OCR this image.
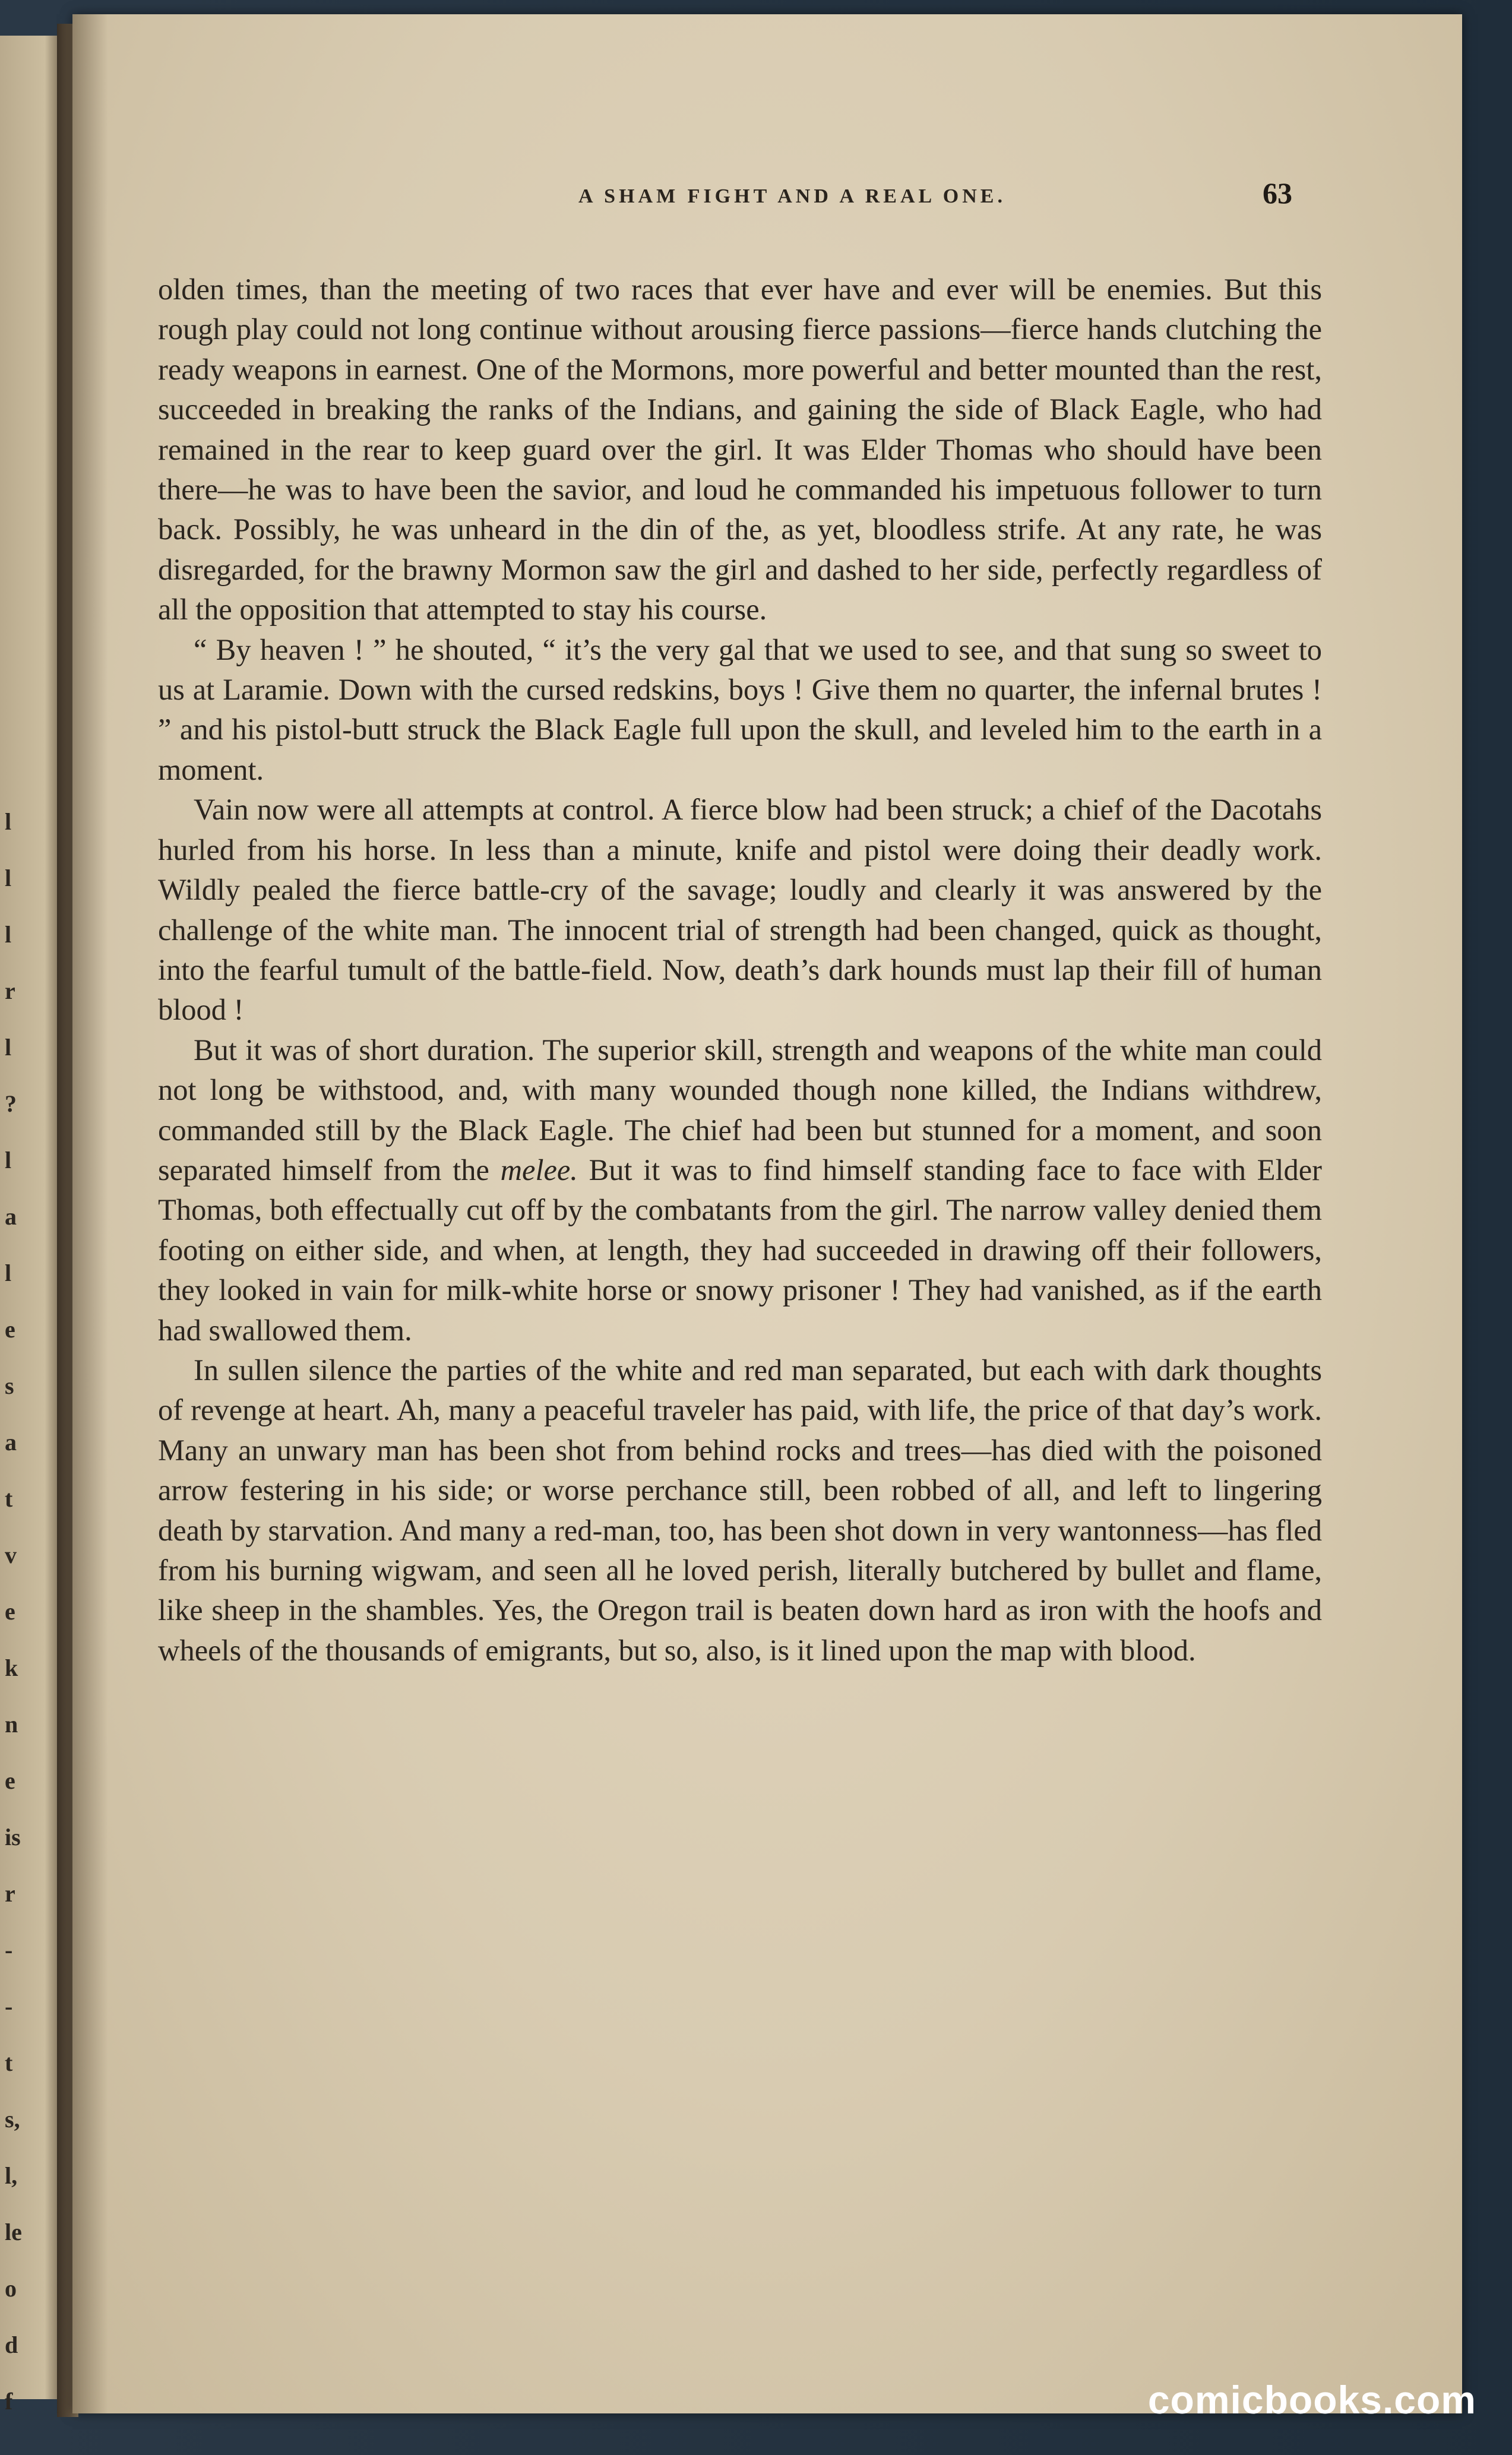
l
l
l
r
l
?
l
a
l
e
s
a
t
v
e
k
n
e
is
r
-
-
t
s,
l,
le
o
d
f
A SHAM FIGHT AND A REAL ONE.	63

olden times, than the meeting of two races that ever have and ever will be enemies. But this rough play could not long continue without arousing fierce passions—fierce hands clutching the ready weapons in earnest. One of the Mormons, more powerful and better mounted than the rest, succeeded in breaking the ranks of the Indians, and gaining the side of Black Eagle, who had remained in the rear to keep guard over the girl. It was Elder Thomas who should have been there—he was to have been the savior, and loud he commanded his impetuous follower to turn back. Possibly, he was unheard in the din of the, as yet, bloodless strife. At any rate, he was disregarded, for the brawny Mormon saw the girl and dashed to her side, perfectly regardless of all the opposition that attempted to stay his course.

“ By heaven ! ” he shouted, “ it’s the very gal that we used to see, and that sung so sweet to us at Laramie. Down with the cursed redskins, boys ! Give them no quarter, the infernal brutes ! ” and his pistol-butt struck the Black Eagle full upon the skull, and leveled him to the earth in a moment.

Vain now were all attempts at control. A fierce blow had been struck; a chief of the Dacotahs hurled from his horse. In less than a minute, knife and pistol were doing their deadly work. Wildly pealed the fierce battle-cry of the savage; loudly and clearly it was answered by the challenge of the white man. The innocent trial of strength had been changed, quick as thought, into the fearful tumult of the battle-field. Now, death’s dark hounds must lap their fill of human blood !

But it was of short duration. The superior skill, strength and weapons of the white man could not long be withstood, and, with many wounded though none killed, the Indians withdrew, commanded still by the Black Eagle. The chief had been but stunned for a moment, and soon separated himself from the melee. But it was to find himself standing face to face with Elder Thomas, both effectually cut off by the combatants from the girl. The narrow valley denied them footing on either side, and when, at length, they had succeeded in drawing off their followers, they looked in vain for milk-white horse or snowy prisoner ! They had vanished, as if the earth had swallowed them.

In sullen silence the parties of the white and red man separated, but each with dark thoughts of revenge at heart. Ah, many a peaceful traveler has paid, with life, the price of that day’s work. Many an unwary man has been shot from behind rocks and trees—has died with the poisoned arrow festering in his side; or worse perchance still, been robbed of all, and left to lingering death by starvation. And many a red-man, too, has been shot down in very wantonness—has fled from his burning wigwam, and seen all he loved perish, literally butchered by bullet and flame, like sheep in the shambles. Yes, the Oregon trail is beaten down hard as iron with the hoofs and wheels of the thousands of emigrants, but so, also, is it lined upon the map with blood.

comicbooks.com
